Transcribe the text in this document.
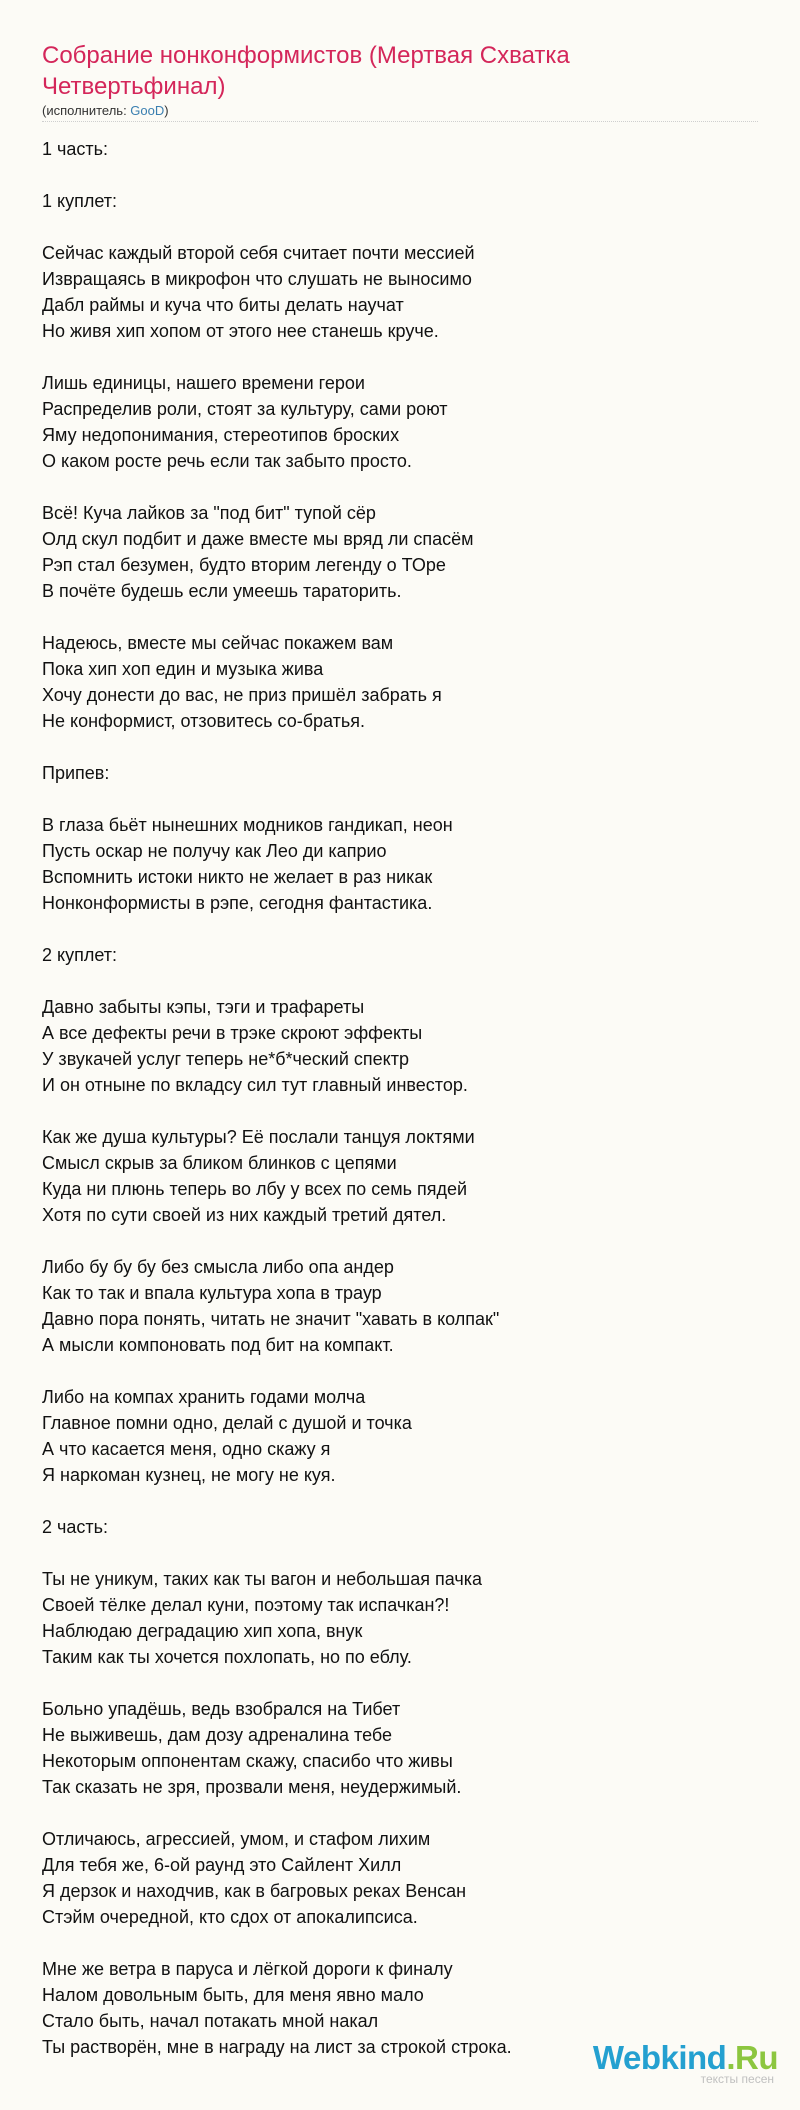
Собрание нонконформистов (Мертвая Схватка Четвертьфинал)
(исполнитель: GooD)
1 часть:
1 куплет:
Сейчас каждый второй себя считает почти мессией
Извращаясь в микрофон что слушать не выносимо
Дабл раймы и куча что биты делать научат
Но живя хип хопом от этого нее станешь круче.
Лишь единицы, нашего времени герои
Распределив роли, стоят за культуру, сами роют
Яму недопонимания, стереотипов броских
О каком росте речь если так забыто просто.
Всё! Куча лайков за "под бит" тупой сёр
Олд скул подбит и даже вместе мы вряд ли спасём
Рэп стал безумен, будто вторим легенду о ТОре
В почёте будешь если умеешь тараторить.
Надеюсь, вместе мы сейчас покажем вам
Пока хип хоп един и музыка жива
Хочу донести до вас, не приз пришёл забрать я
Не конформист, отзовитесь со-братья.
Припев:
В глаза бьёт нынешних модников гандикап, неон
Пусть оскар не получу как Лео ди каприо
Вспомнить истоки никто не желает в раз никак
Нонконформисты в рэпе, сегодня фантастика.
2 куплет:
Давно забыты кэпы, тэги и трафареты
А все дефекты речи в трэке скроют эффекты
У звукачей услуг теперь не*б*ческий спектр
И он отныне по вкладсу сил тут главный инвестор.
Как же душа культуры? Её послали танцуя локтями
Смысл скрыв за бликом блинков с цепями
Куда ни плюнь теперь во лбу у всех по семь пядей
Хотя по сути своей из них каждый третий дятел.
Либо бу бу бу без смысла либо опа андер
Как то так и впала культура хопа в траур
Давно пора понять, читать не значит "хавать в колпак"
А мысли компоновать под бит на компакт.
Либо на компах хранить годами молча
Главное помни одно, делай с душой и точка
А что касается меня, одно скажу я
Я наркоман кузнец, не могу не куя.
2 часть:
Ты не уникум, таких как ты вагон и небольшая пачка
Своей тёлке делал куни, поэтому так испачкан?!
Наблюдаю деградацию хип хопа, внук
Таким как ты хочется похлопать, но по еблу.
Больно упадёшь, ведь взобрался на Тибет
Не выживешь, дам дозу адреналина тебе
Некоторым оппонентам скажу, спасибо что живы
Так сказать не зря, прозвали меня, неудержимый.
Отличаюсь, агрессией, умом, и стафом лихим
Для тебя же, 6-ой раунд это Сайлент Хилл
Я дерзок и находчив, как в багровых реках Венсан
Стэйм очередной, кто сдох от апокалипсиса.
Мне же ветра в паруса и лёгкой дороги к финалу
Налом довольным быть, для меня явно мало
Стало быть, начал потакать мной накал
Ты растворён, мне в награду на лист за строкой строка.	Webkind.Ru
тексты песен
